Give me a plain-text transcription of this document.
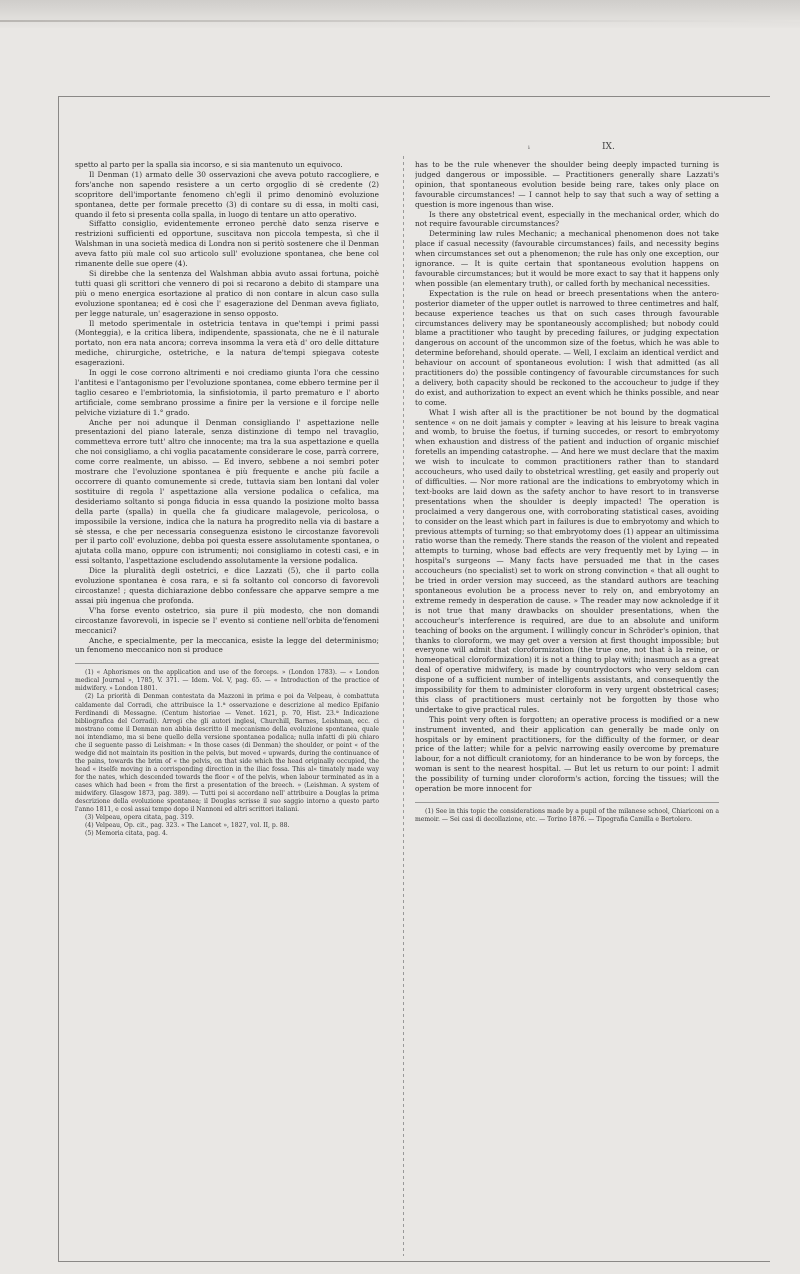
ᵢ	IX.

spetto al parto per la spalla sia incorso, e si sia mantenuto un equivoco.

Il Denman (1) armato delle 30 osservazioni che aveva potuto raccogliere, e fors'anche non sapendo resistere a un certo orgoglio di sè credente (2) scopritore dell'importante fenomeno ch'egli il primo denominò evoluzione spontanea, dette per formale precetto (3) di contare su di essa, in molti casi, quando il feto si presenta colla spalla, in luogo di tentare un atto operativo.

Siffatto consiglio, evidentemente erroneo perchè dato senza riserve e restrizioni sufficienti ed opportune, suscitava non piccola tempesta, sì che il Walshman in una società medica di Londra non si peritò sostenere che il Denman aveva fatto più male col suo articolo sull' evoluzione spontanea, che bene col rimanente delle sue opere (4).

Si direbbe che la sentenza del Walshman abbia avuto assai fortuna, poichè tutti quasi gli scrittori che vennero di poi si recarono a debito di stampare una più o meno energica esortazione al pratico di non contare in alcun caso sulla evoluzione spontanea; ed è così che l' esagerazione del Denman aveva figliato, per legge naturale, un' esagerazione in senso opposto.

Il metodo sperimentale in ostetricia tentava in que'tempi i primi passi (Monteggia), e la critica libera, indipendente, spassionata, che ne è il naturale portato, non era nata ancora; correva insomma la vera età d' oro delle dittature mediche, chirurgiche, ostetriche, e la natura de'tempi spiegava coteste esagerazioni.

In oggi le cose corrono altrimenti e noi crediamo giunta l'ora che cessino l'antitesi e l'antagonismo per l'evoluzione spontanea, come ebbero termine per il taglio cesareo e l'embriotomia, la sinfisiotomia, il parto prematuro e l' aborto artificiale, come sembrano prossime a finire per la versione e il forcipe nelle pelviche viziature di 1.° grado.

Anche per noi adunque il Denman consigliando l' aspettazione nelle presentazioni del piano laterale, senza distinzione di tempo nel travaglio, commetteva errore tutt' altro che innocente; ma tra la sua aspettazione e quella che noi consigliamo, a chi voglia pacatamente considerare le cose, parrà correre, come corre realmente, un abisso. — Ed invero, sebbene a noi sembri poter mostrare che l'evoluzione spontanea è più frequente e anche più facile a occorrere di quanto comunemente si crede, tuttavia siam ben lontani dal voler sostituire di regola l' aspettazione alla versione podalica o cefalica, ma desideriamo soltanto si ponga fiducia in essa quando la posizione molto bassa della parte (spalla) in quella che fa giudicare malagevole, pericolosa, o impossibile la versione, indica che la natura ha progredito nella via di bastare a sè stessa, e che per necessaria conseguenza esistono le circostanze favorevoli per il parto coll' evoluzione, debba poi questa essere assolutamente spontanea, o ajutata colla mano, oppure con istrumenti; noi consigliamo in cotesti casi, e in essi soltanto, l'aspettazione escludendo assolutamente la versione podalica.

Dice la pluralità degli ostetrici, e dice Lazzati (5), che il parto colla evoluzione spontanea è cosa rara, e si fa soltanto col concorso di favorevoli circostanze! ; questa dichiarazione debbo confessare che apparve sempre a me assai più ingenua che profonda.

V'ha forse evento ostetrico, sia pure il più modesto, che non domandi circostanze favorevoli, in ispecie se l' evento si contiene nell'orbita de'fenomeni meccanici?

Anche, e specialmente, per la meccanica, esiste la legge del determinismo; un fenomeno meccanico non si produce

(1) « Aphorismes on the application and use of the forceps. » (London 1783). — « London medical Journal », 1785, V. 371. — Idem. Vol. V, pag. 65. — « Introduction of the practice of midwifery. » London 1801.

(2) La priorità di Denman contestata da Mazzoni in prima e poi da Velpeau, è combattuta caldamente dal Corradi, che attribuisce la 1.ª osservazione e descrizione al medico Epifanio Ferdinandi di Messagne. (Centum historiae — Venet. 1621, p. 70, Hist. 23.ª Indicazione bibliografica del Corradi). Arrogi che gli autori inglesi, Churchill, Barnes, Leishman, ecc. ci mostrano come il Denman non abbia descritto il meccanismo della evoluzione spontanea, quale noi intendiamo, ma si bene quello della versione spontanea podalica; nulla infatti di più chiaro che il seguente passo di Leishman: « In those cases (di Denman) the shoulder, or point « of the wedge did not maintain its position in the pelvis, but moved « upwards, during the continuance of the pains, towards the brim of « the pelvis, on that side which the head originally occupied, the head « itselfe moving in a corrisponding direction in the iliac fossa. This al« timately made way for the nates, which descended towards the floor « of the pelvis, when labour terminated as in a cases which had been « from the first a presentation of the breech. » (Leishman. A system of midwifery. Glasgow 1873, pag. 389). — Tutti poi si accordano nell' attribuire a Douglas la prima descrizione della evoluzione spontanea; il Douglas scrisse il suo saggio intorno a questo parto l'anno 1811, e così assai tempo dopo il Nannoni ed altri scrittori italiani.

(3) Velpeau, opera citata, pag. 319.

(4) Velpeau, Op. cit., pag. 323. « The Lancet », 1827, vol. II, p. 88.

(5) Memoria citata, pag. 4.

has to be the rule whenever the shoulder being deeply impacted turning is judged dangerous or impossible. — Practitioners generally share Lazzati's opinion, that spontaneous evolution beside being rare, takes only place on favourable circumstances! — I cannot help to say that such a way of setting a question is more ingenous than wise.

Is there any obstetrical event, especially in the mechanical order, which do not require favourable circumstances?

Determining law rules Mechanic; a mechanical phenomenon does not take place if casual necessity (favourable circumstances) fails, and necessity begins when circumstances set out a phenomenon; the rule has only one exception, our ignorance. — It is quite certain that spontaneous evolution happens on favourable circumstances; but it would be more exact to say that it happens only when possible (an elementary truth), or called forth by mechanical necessities.

Expectation is the rule on head or breech presentations when the antero-posterior diameter of the upper outlet is narrowed to three centimetres and half, because experience teaches us that on such cases through favourable circumstances delivery may be spontaneously accomplished; but nobody could blame a practitioner who taught by preceding failures, or judging expectation dangerous on account of the uncommon size of the foetus, which he was able to determine beforehand, should operate. — Well, I exclaim an identical verdict and behaviour on account of spontaneous evolution: I wish that admitted (as all practitioners do) the possible contingency of favourable circumstances for such a delivery, both capacity should be reckoned to the accoucheur to judge if they do exist, and authorization to expect an event which he thinks possible, and near to come.

What I wish after all is the practitioner be not bound by the dogmatical sentence « on ne doit jamais y compter » leaving at his leisure to break vagina and womb, to bruise the foetus, if turning succedes, or resort to embryotomy when exhaustion and distress of the patient and induction of organic mischief foretells an impending catastrophe. — And here we must declare that the maxim we wish to inculcate to common practitioners rather than to standard accoucheurs, who used daily to obstetrical wrestling, get easily and properly out of difficulties. — Nor more rational are the indications to embryotomy which in text-books are laid down as the safety anchor to have resort to in transverse presentations when the shoulder is deeply impacted! The operation is proclaimed a very dangerous one, with corroborating statistical cases, avoiding to consider on the least which part in failures is due to embryotomy and which to previous attempts of turning; so that embryotomy does (1) appear an ultimissima ratio worse than the remedy. There stands the reason of the violent and repeated attempts to turning, whose bad effects are very frequently met by Lying — in hospital's surgeons — Many facts have persuaded me that in the cases accoucheurs (no specialist) set to work on strong convinction « that all ought to be tried in order version may succeed, as the standard authors are teaching spontaneous evolution be a process never to rely on, and embryotomy an extreme remedy in desperation de cause. » The reader may now acknoledge if it is not true that many drawbacks on shoulder presentations, when the accoucheur's interference is required, are due to an absolute and uniform teaching of books on the argument. I willingly concur in Schröder's opinion, that thanks to cloroform, we may get over a version at first thought impossible; but everyone will admit that cloroformization (the true one, not that à la reine, or homeopatical cloroformization) it is not a thing to play with; inasmuch as a great deal of operative midwifery, is made by countrydoctors who very seldom can dispone of a sufficient number of intelligents assistants, and consequently the impossibility for them to administer cloroform in very urgent obstetrical cases; this class of practitioners must certainly not be forgotten by those who undertake to give practical rules.

This point very often is forgotten; an operative process is modified or a new instrument invented, and their application can generally be made only on hospitals or by eminent practitioners, for the difficulty of the former, or dear price of the latter; while for a pelvic narrowing easily overcome by premature labour, for a not difficult craniotomy, for an hinderance to be won by forceps, the woman is sent to the nearest hospital. — But let us return to our point: I admit the possibility of turning under cloroform's action, forcing the tissues; will the operation be more innocent for

(1) See in this topic the considerations made by a pupil of the milanese school, Chiariconi on a memoir. — Sei casi di decollazione, etc. — Torino 1876. — Tipografia Camilla e Bertolero.
